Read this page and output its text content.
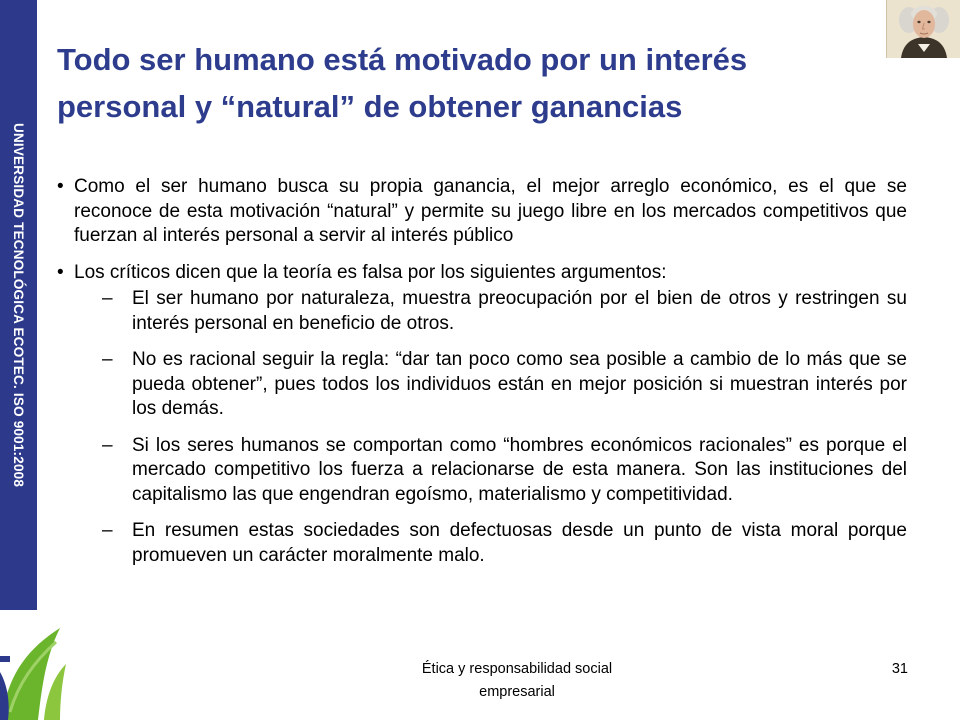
UNIVERSIDAD TECNOLÓGICA ECOTEC. ISO 9001:2008
Todo ser humano está motivado por un interés personal y “natural” de obtener ganancias
• Como el ser humano busca su propia ganancia, el mejor arreglo económico, es el que se reconoce de esta motivación “natural” y permite su juego libre en los mercados competitivos que fuerzan al interés personal a servir al interés público
• Los críticos dicen que la teoría es falsa por los siguientes argumentos:
– El ser humano por naturaleza, muestra preocupación por el bien de otros y restringen su interés personal en beneficio de otros.
– No es racional seguir la regla: “dar tan poco como sea posible a cambio de lo más que se pueda obtener”, pues todos los individuos están en mejor posición si muestran interés por los demás.
– Si los seres humanos se comportan como “hombres económicos racionales” es porque el mercado competitivo los fuerza a relacionarse de esta manera. Son las instituciones del capitalismo las que engendran egoísmo, materialismo y competitividad.
– En resumen estas sociedades son defectuosas desde un punto de vista moral porque promueven un carácter moralmente malo.
Ética y responsabilidad social
empresarial
31
